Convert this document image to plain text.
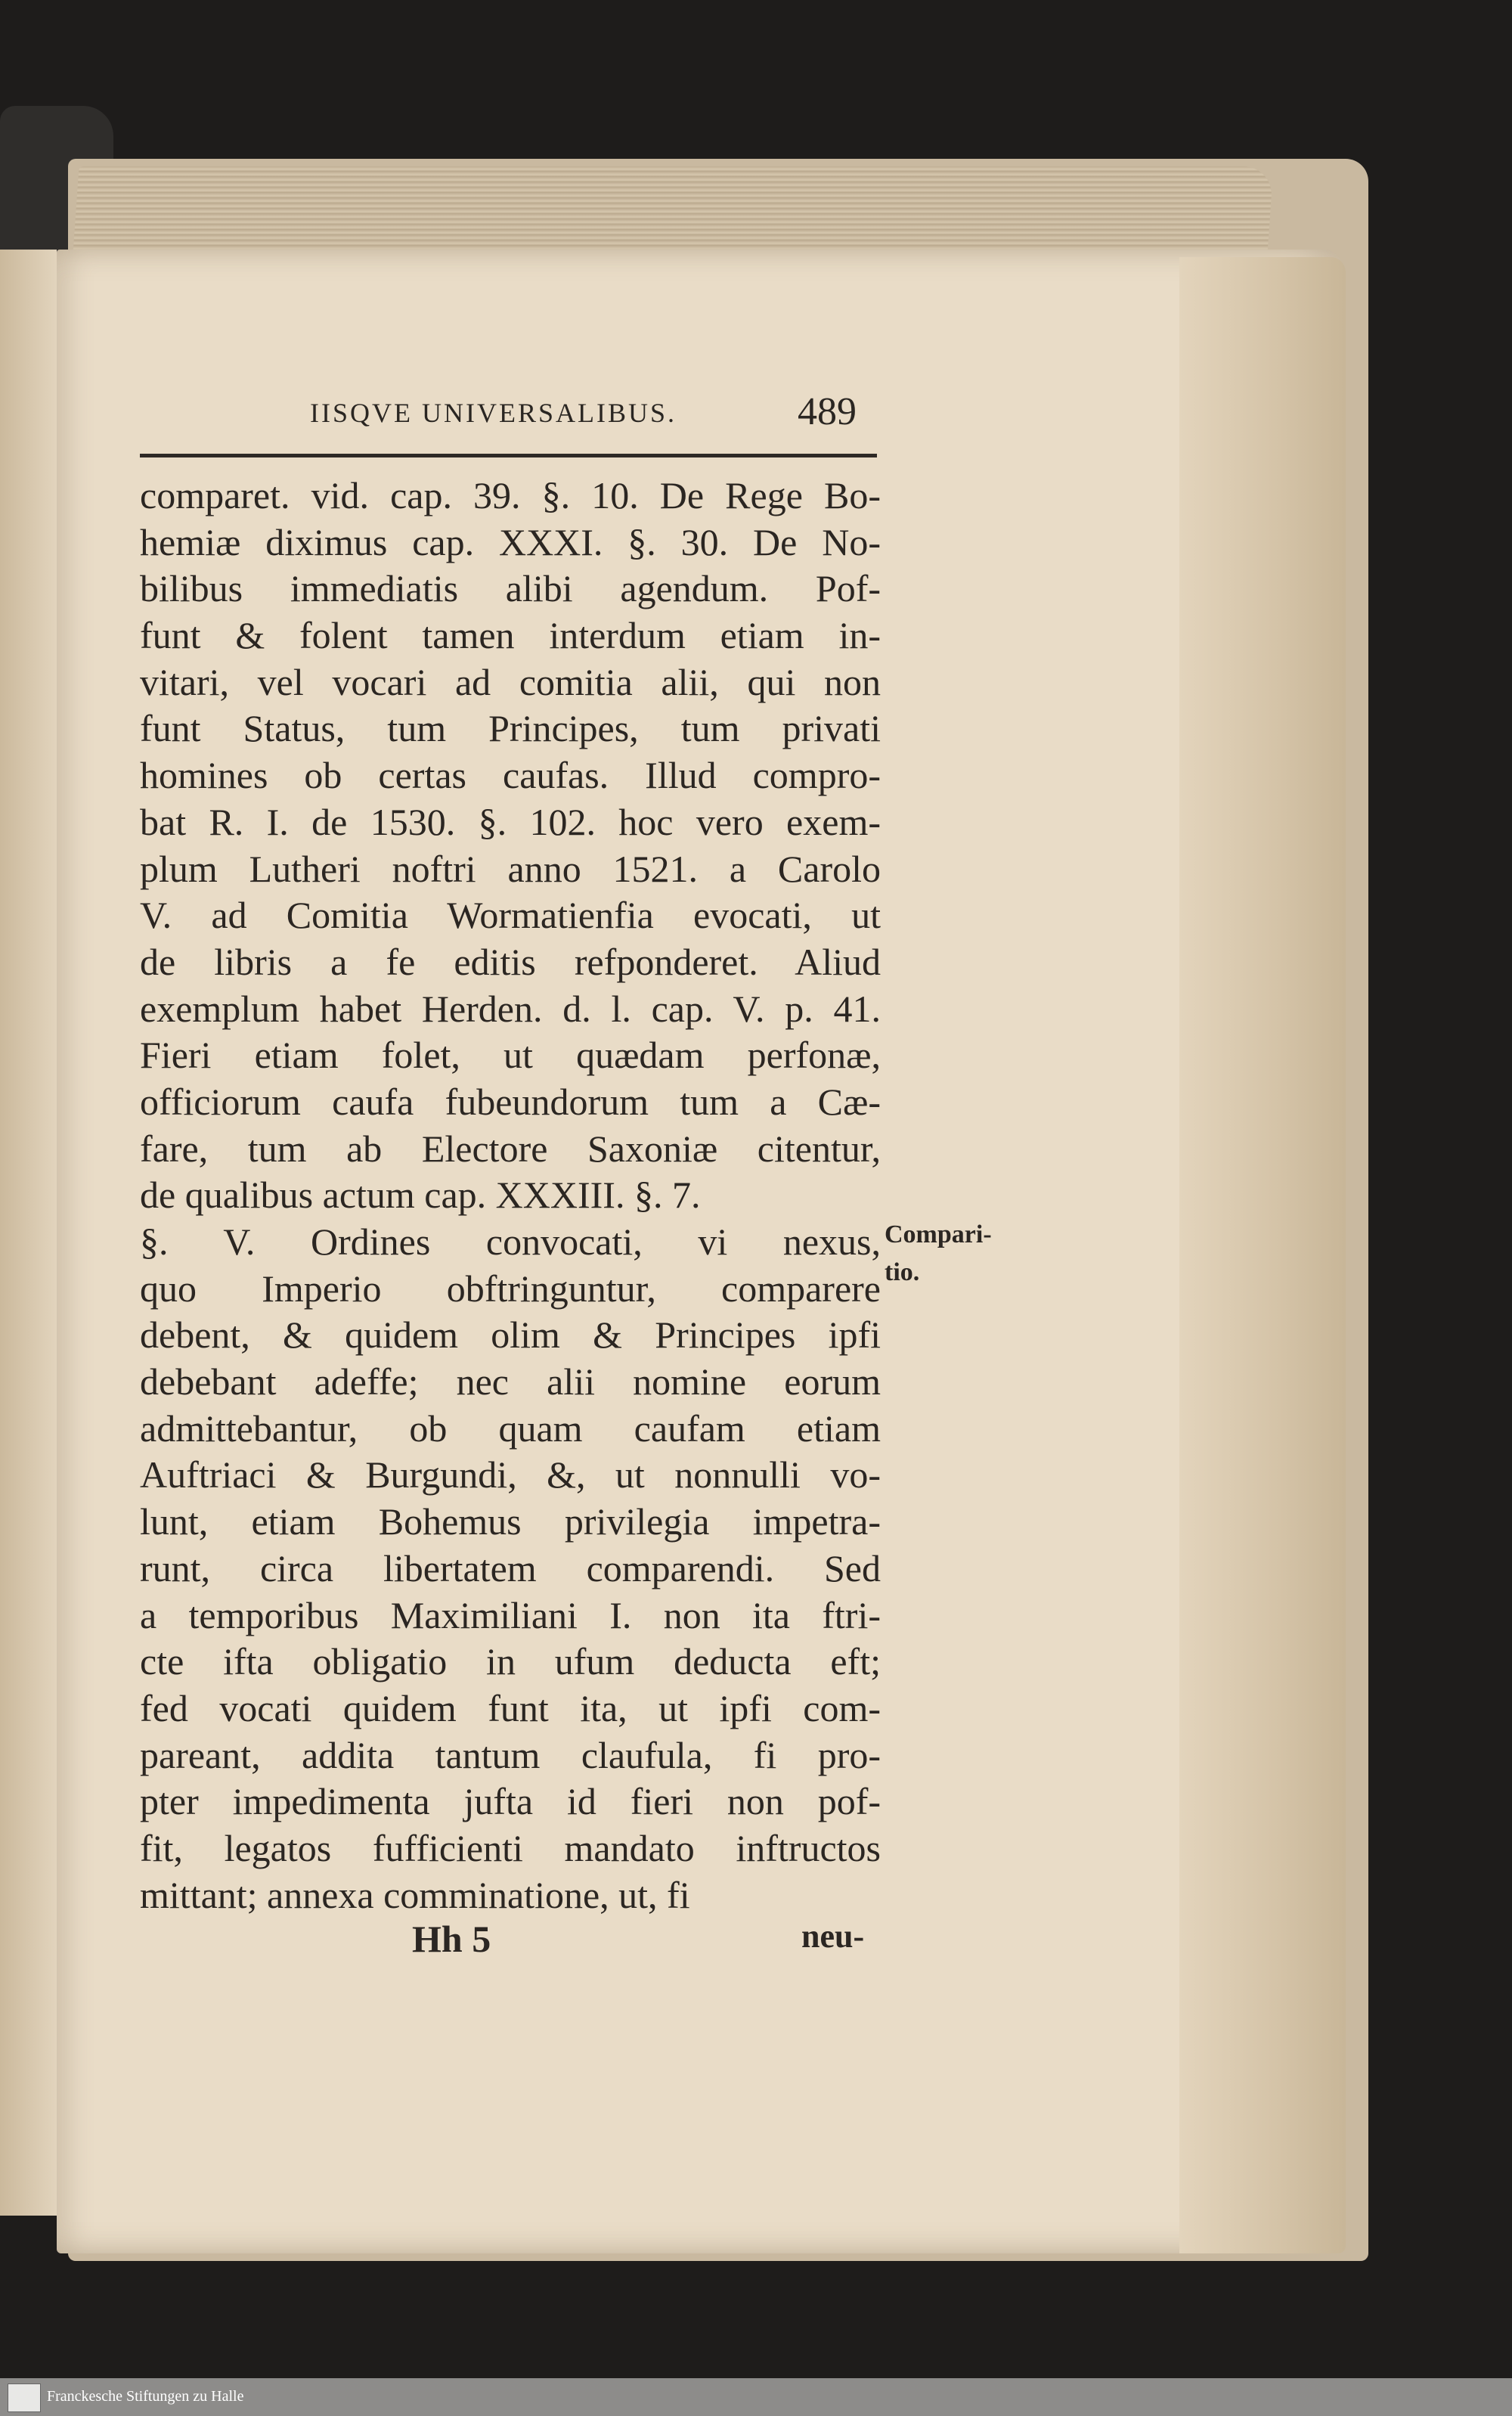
IISQVE UNIVERSALIBUS.	489
comparet. vid. cap. 39. §. 10. De Rege Bo-
hemiæ diximus cap. XXXI. §. 30. De No-
bilibus immediatis alibi agendum. Pof-
funt & folent tamen interdum etiam in-
vitari, vel vocari ad comitia alii, qui non
funt Status, tum Principes, tum privati
homines ob certas caufas. Illud compro-
bat R. I. de 1530. §. 102. hoc vero exem-
plum Lutheri noftri anno 1521. a Carolo
V. ad Comitia Wormatienfia evocati, ut
de libris a fe editis refponderet. Aliud
exemplum habet Herden. d. l. cap. V. p. 41.
Fieri etiam folet, ut quædam perfonæ,
officiorum caufa fubeundorum tum a Cæ-
fare, tum ab Electore Saxoniæ citentur,
de qualibus actum cap. XXXIII. §. 7.
§. V. Ordines convocati, vi nexus,
quo Imperio obftringuntur, comparere
debent, & quidem olim & Principes ipfi
debebant adeffe; nec alii nomine eorum
admittebantur, ob quam caufam etiam
Auftriaci & Burgundi, &, ut nonnulli vo-
lunt, etiam Bohemus privilegia impetra-
runt, circa libertatem comparendi. Sed
a temporibus Maximiliani I. non ita ftri-
cte ifta obligatio in ufum deducta eft;
fed vocati quidem funt ita, ut ipfi com-
pareant, addita tantum claufula, fi pro-
pter impedimenta jufta id fieri non pof-
fit, legatos fufficienti mandato inftructos
mittant; annexa comminatione, ut, fi
Compari-
tio.
Hh 5	neu-
Franckesche Stiftungen zu Halle
